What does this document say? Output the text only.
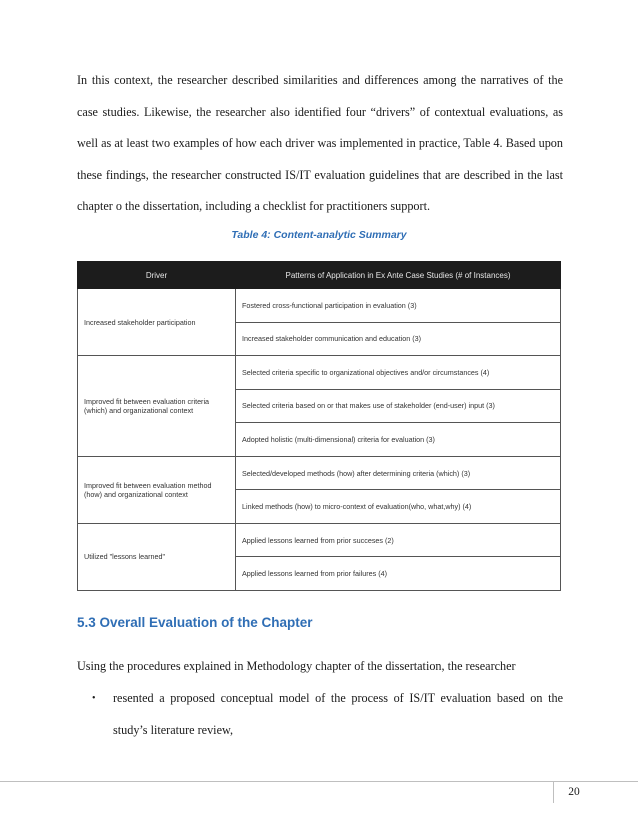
In this context, the researcher described similarities and differences among the narratives of the case studies. Likewise, the researcher also identified four “drivers” of contextual evaluations, as well as at least two examples of how each driver was implemented in practice, Table 4. Based upon these findings, the researcher constructed IS/IT evaluation guidelines that are described in the last chapter o the dissertation, including a checklist for practitioners support.

Table 4: Content-analytic Summary
Driver	Patterns of Application in Ex Ante Case Studies (# of Instances)
Increased stakeholder participation	Fostered cross-functional participation in evaluation (3)
	Increased stakeholder communication and education (3)
Improved fit between evaluation criteria (which) and organizational context	Selected criteria specific to organizational objectives and/or circumstances (4)
	Selected criteria based on or that makes use of stakeholder (end-user) input (3)
	Adopted holistic (multi-dimensional) criteria for evaluation (3)
Improved fit between evaluation method (how) and organizational context	Selected/developed methods (how) after determining criteria (which) (3)
	Linked methods (how) to micro-context of evaluation(who, what,why) (4)
Utilized "lessons learned"	Applied lessons learned from prior succeses (2)
	Applied lessons learned from prior failures (4)
5.3 Overall Evaluation of the Chapter

Using the procedures explained in Methodology chapter of the dissertation, the researcher

• resented a proposed conceptual model of the process of IS/IT evaluation based on the study’s literature review,

20
